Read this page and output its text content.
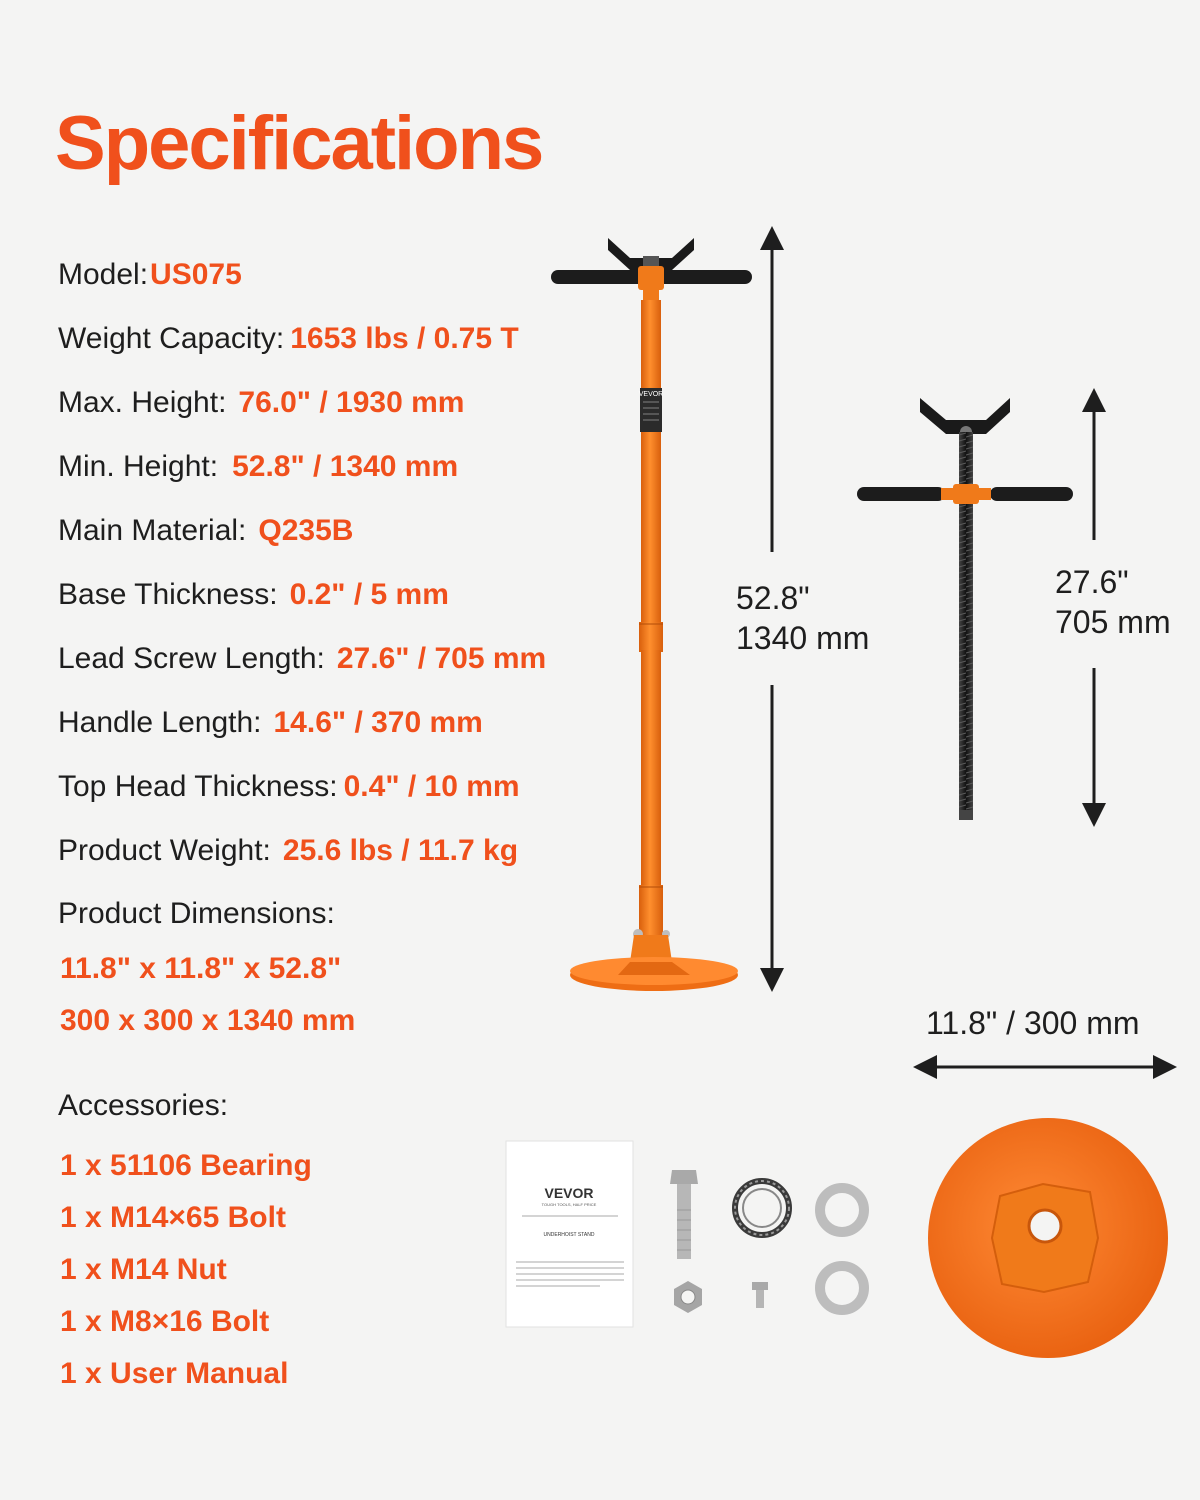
Specifications
Model:US075
Weight Capacity: 1653 lbs / 0.75 T
Max. Height: 76.0" / 1930 mm
Min. Height: 52.8" / 1340 mm
Main Material: Q235B
Base Thickness: 0.2" / 5 mm
Lead Screw Length: 27.6" / 705 mm
Handle Length: 14.6" / 370 mm
Top Head Thickness: 0.4" / 10 mm
Product Weight: 25.6 lbs / 11.7 kg
Product Dimensions:
11.8" x 11.8" x 52.8"
300 x 300 x 1340 mm
Accessories:
1 x 51106 Bearing
1 x M14×65 Bolt
1 x M14 Nut
1 x M8×16 Bolt
1 x User Manual
VEVOR
VEVOR
TOUGH TOOLS, HALF PRICE
UNDERHOIST STAND
52.8"
1340 mm
27.6"
705 mm
11.8" / 300 mm
